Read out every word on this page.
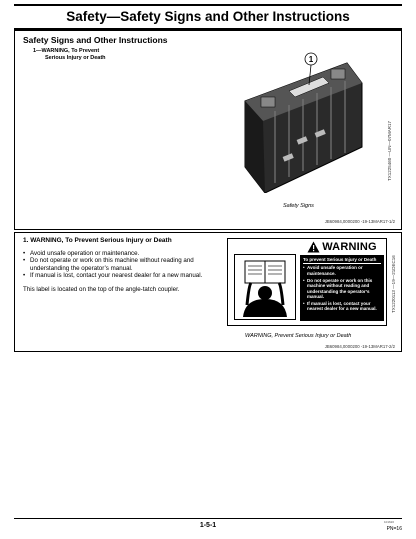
Safety—Safety Signs and Other Instructions
Safety Signs and Other Instructions
1—WARNING, To Prevent
Serious Injury or Death	1
TX1225460 —UN—07MAR17
Safety Signs
JB60984,0000200 -19-13MAR17-1/2
1. WARNING, To Prevent Serious Injury or Death
• Avoid unsafe operation or maintenance.
• Do not operate or work on this machine without reading and understanding the operator’s manual.
• If manual is lost, contact your nearest dealer for a new manual.
This label is located on the top of the angle-tatch coupler.
WARNING
To prevent Serious Injury or Death
• Avoid unsafe operation or maintenance.
• Do not operate or work on this machine without reading and understanding the operator’s manual.
• If manual is lost, contact your nearest dealer for a new manual.	TX1220113 —19—21DEC16
WARNING, Prevent Serious Injury or Death
JB60984,0000200 -19-13MAR17-2/2
101620
1-5-1	PN=16
